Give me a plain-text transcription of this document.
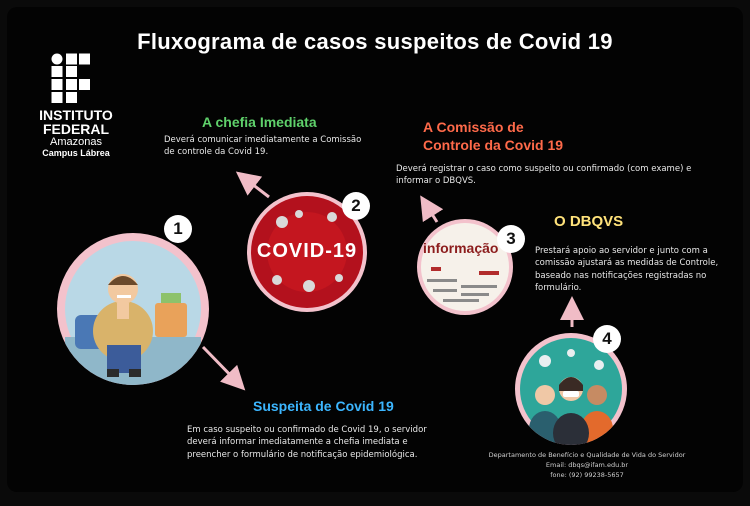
Fluxograma de casos suspeitos de Covid 19
INSTITUTO
FEDERAL
Amazonas
Campus Lábrea
1
Suspeita de Covid 19
Em caso suspeito ou confirmado de Covid 19, o servidor deverá informar imediatamente a chefia imediata e preencher o formulário de notificação epidemiológica.
A chefia Imediata
Deverá comunicar imediatamente a Comissão de controle da Covid 19.
COVID-19
2
A Comissão de
Controle da Covid 19
Deverá registrar o caso como suspeito ou confirmado (com exame) e informar o DBQVS.
informação 3
O DBQVS
Prestará apoio ao servidor e junto com a comissão ajustará as medidas de Controle, baseado nas notificações registradas no formulário.
4
Departamento de Benefício e Qualidade de Vida do Servidor
Email: dbqs@ifam.edu.br
fone: (92) 99238-5657
